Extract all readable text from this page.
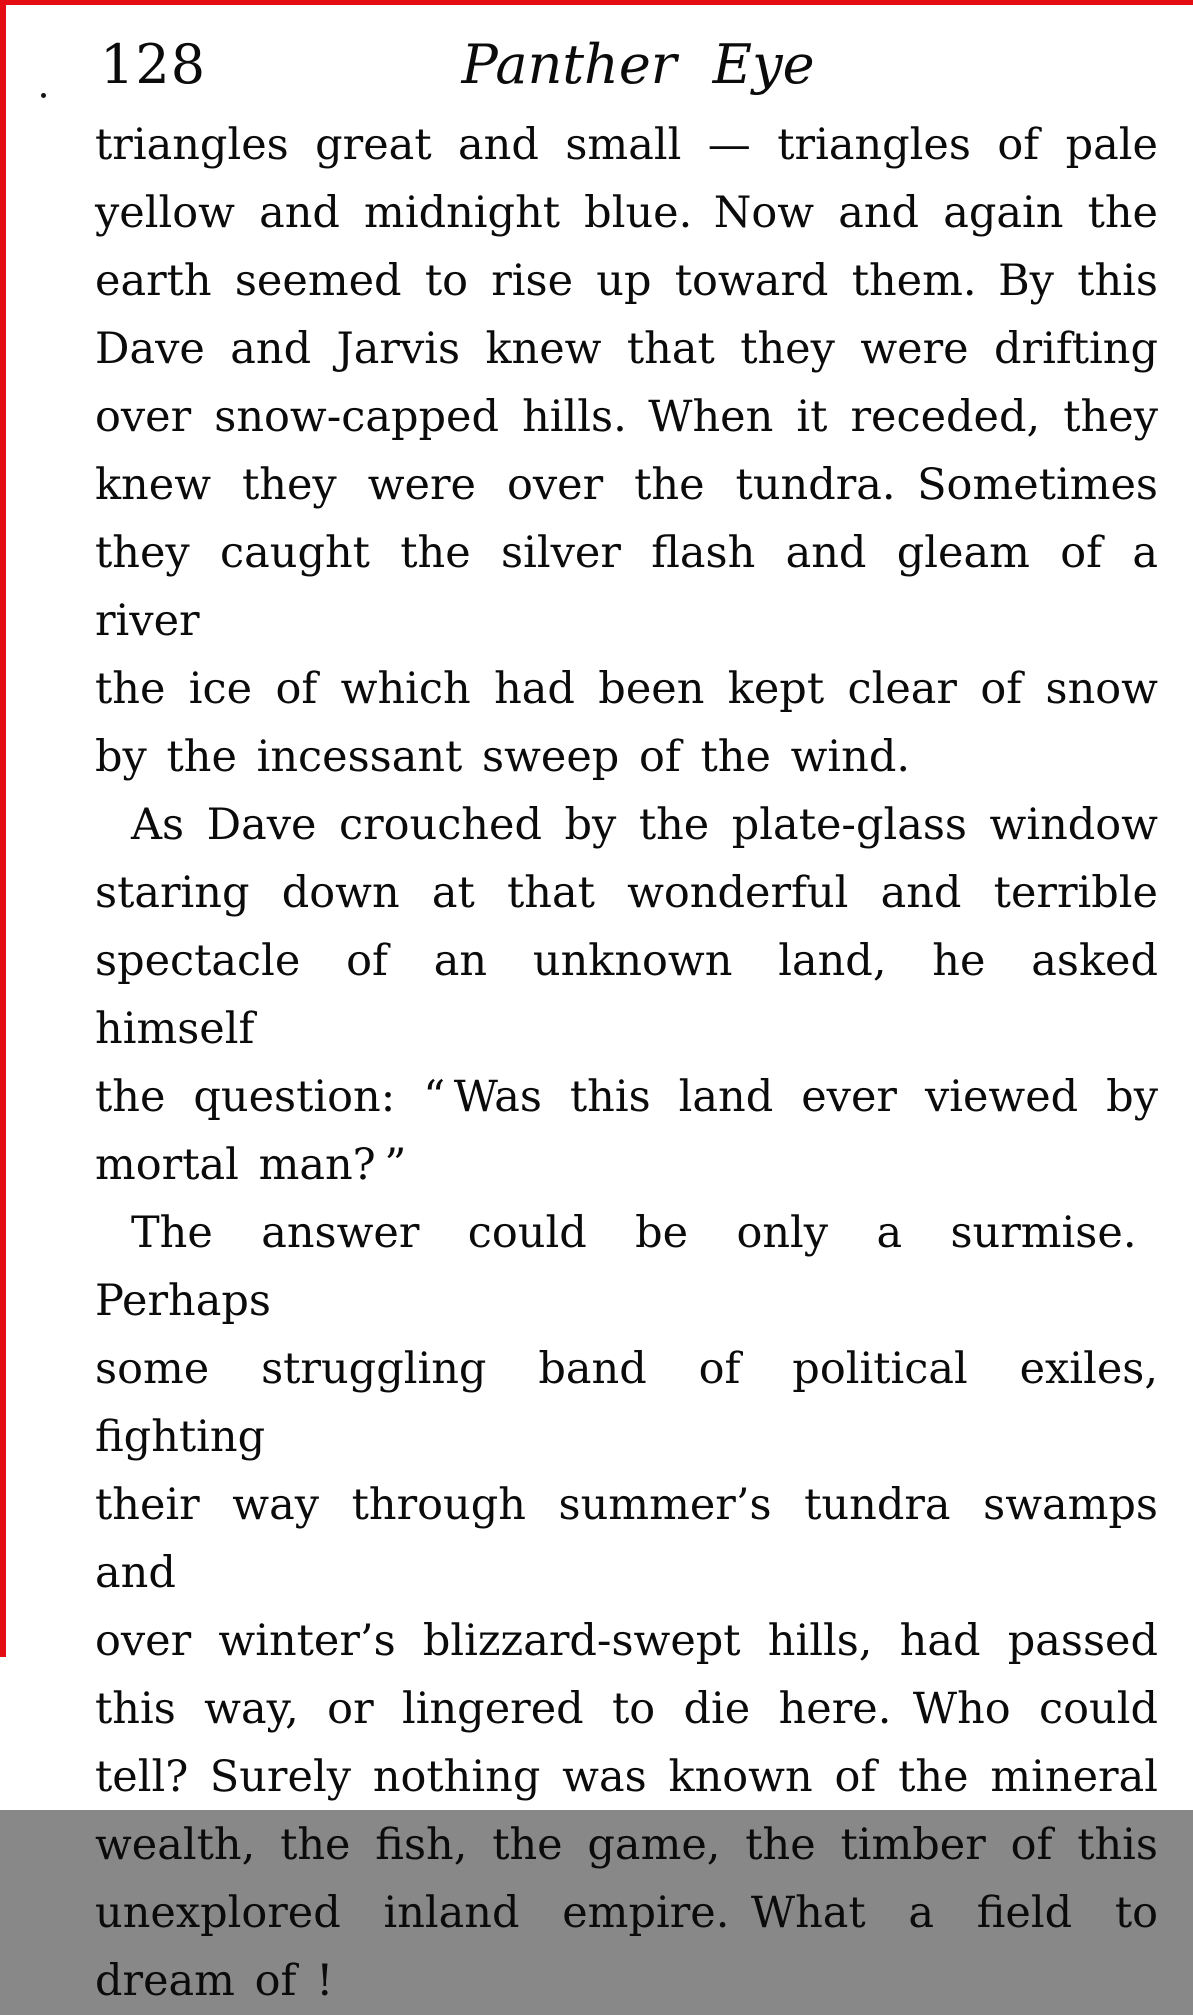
128	Panther Eye
triangles great and small — triangles of pale
yellow and midnight blue. Now and again the
earth seemed to rise up toward them. By this
Dave and Jarvis knew that they were drifting
over snow-capped hills. When it receded, they
knew they were over the tundra. Sometimes
they caught the silver flash and gleam of a river
the ice of which had been kept clear of snow
by the incessant sweep of the wind.
As Dave crouched by the plate-glass window
staring down at that wonderful and terrible
spectacle of an unknown land, he asked himself
the question: “ Was this land ever viewed by
mortal man? ”
The answer could be only a surmise. Perhaps
some struggling band of political exiles, fighting
their way through summer’s tundra swamps and
over winter’s blizzard-swept hills, had passed
this way, or lingered to die here. Who could
tell? Surely nothing was known of the mineral
wealth, the fish, the game, the timber of this
unexplored inland empire. What a field to
dream of !
